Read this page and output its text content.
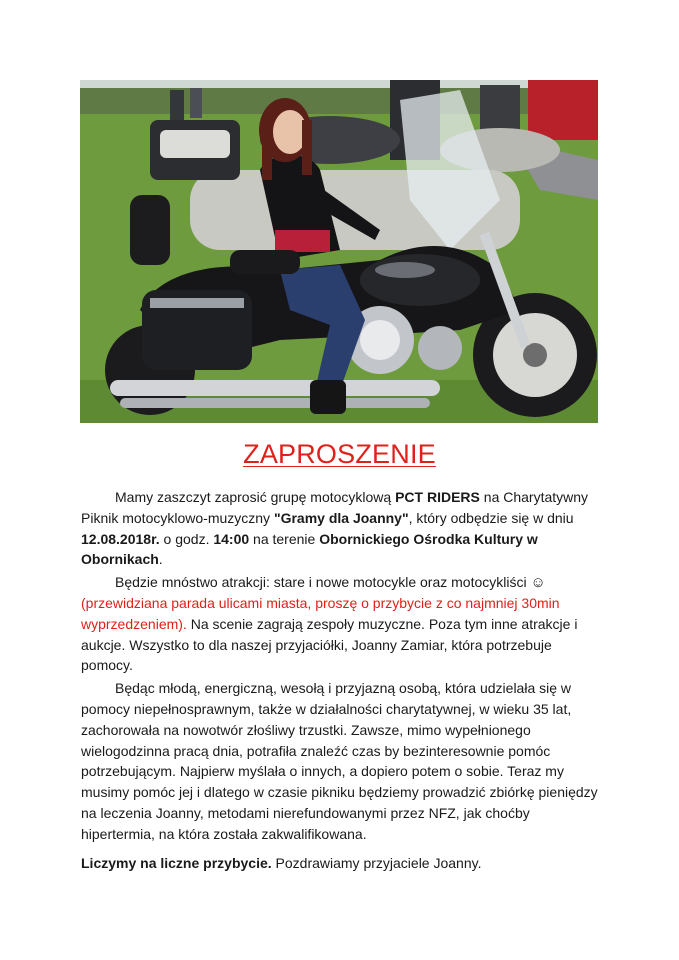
ZAPROSZENIE

Mamy zaszczyt zaprosić grupę motocyklową PCT RIDERS na Charytatywny Piknik motocyklowo-muzyczny "Gramy dla Joanny", który odbędzie się w dniu 12.08.2018r. o godz. 14:00 na terenie Obornickiego Ośrodka Kultury w Obornikach.

Będzie mnóstwo atrakcji: stare i nowe motocykle oraz motocykliści ☺ (przewidziana parada ulicami miasta, proszę o przybycie z co najmniej 30min wyprzedzeniem). Na scenie zagrają zespoły muzyczne. Poza tym inne atrakcje i aukcje. Wszystko to dla naszej przyjaciółki, Joanny Zamiar, która potrzebuje pomocy.

Będąc młodą, energiczną, wesołą i przyjazną osobą, która udzielała się w pomocy niepełnosprawnym, także w działalności charytatywnej, w wieku 35 lat, zachorowała na nowotwór złośliwy trzustki. Zawsze, mimo wypełnionego wielogodzinna pracą dnia, potrafiła znaleźć czas by bezinteresownie pomóc potrzebującym. Najpierw myślała o innych, a dopiero potem o sobie. Teraz my musimy pomóc jej i dlatego w czasie pikniku będziemy prowadzić zbiórkę pieniędzy na leczenia Joanny, metodami nierefundowanymi przez NFZ, jak choćby hipertermia, na która została zakwalifikowana.

Liczymy na liczne przybycie. Pozdrawiamy przyjaciele Joanny.
